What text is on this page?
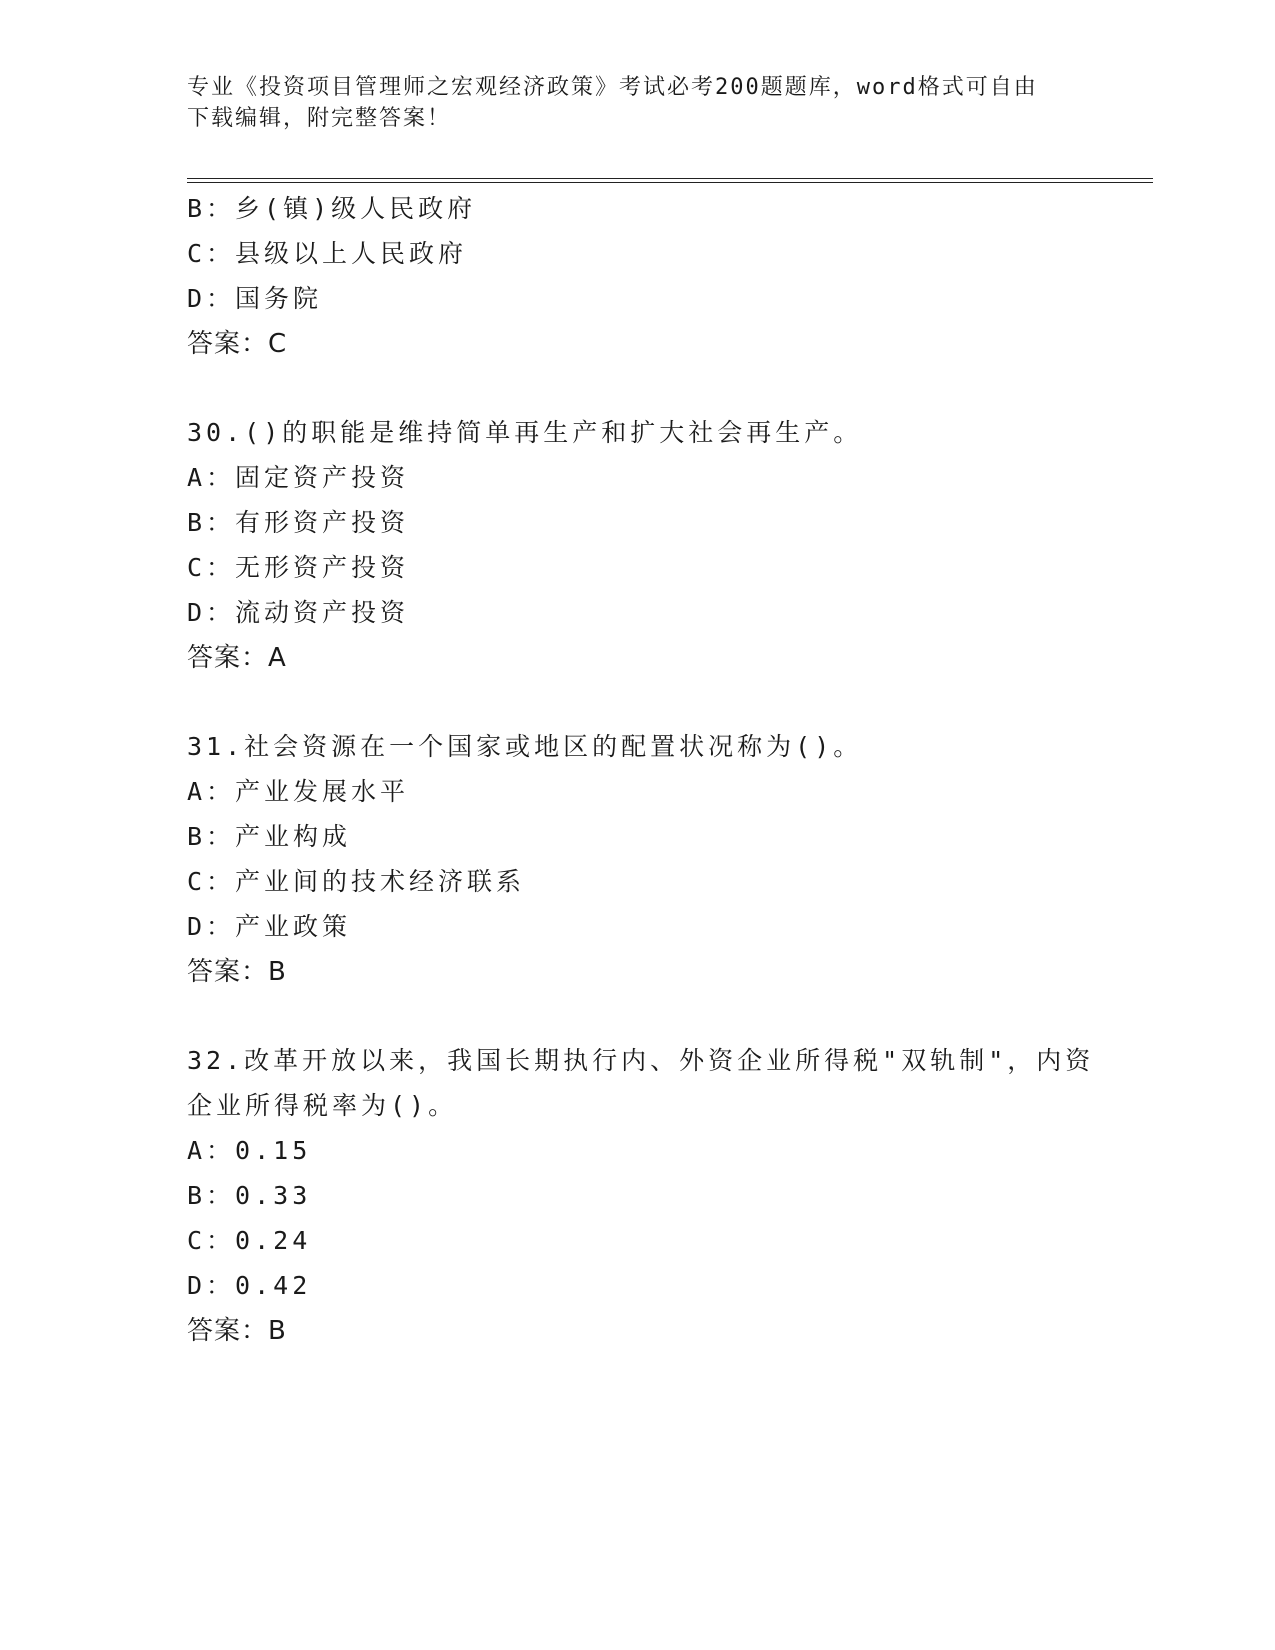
专业《投资项目管理师之宏观经济政策》考试必考200题题库，word格式可自由
下载编辑，附完整答案！
B：乡(镇)级人民政府
C：县级以上人民政府
D：国务院
答案：C
30.()的职能是维持简单再生产和扩大社会再生产。
A：固定资产投资
B：有形资产投资
C：无形资产投资
D：流动资产投资
答案：A
31.社会资源在一个国家或地区的配置状况称为()。
A：产业发展水平
B：产业构成
C：产业间的技术经济联系
D：产业政策
答案：B
32.改革开放以来，我国长期执行内、外资企业所得税"双轨制"，内资
企业所得税率为()。
A：0.15
B：0.33
C：0.24
D：0.42
答案：B
